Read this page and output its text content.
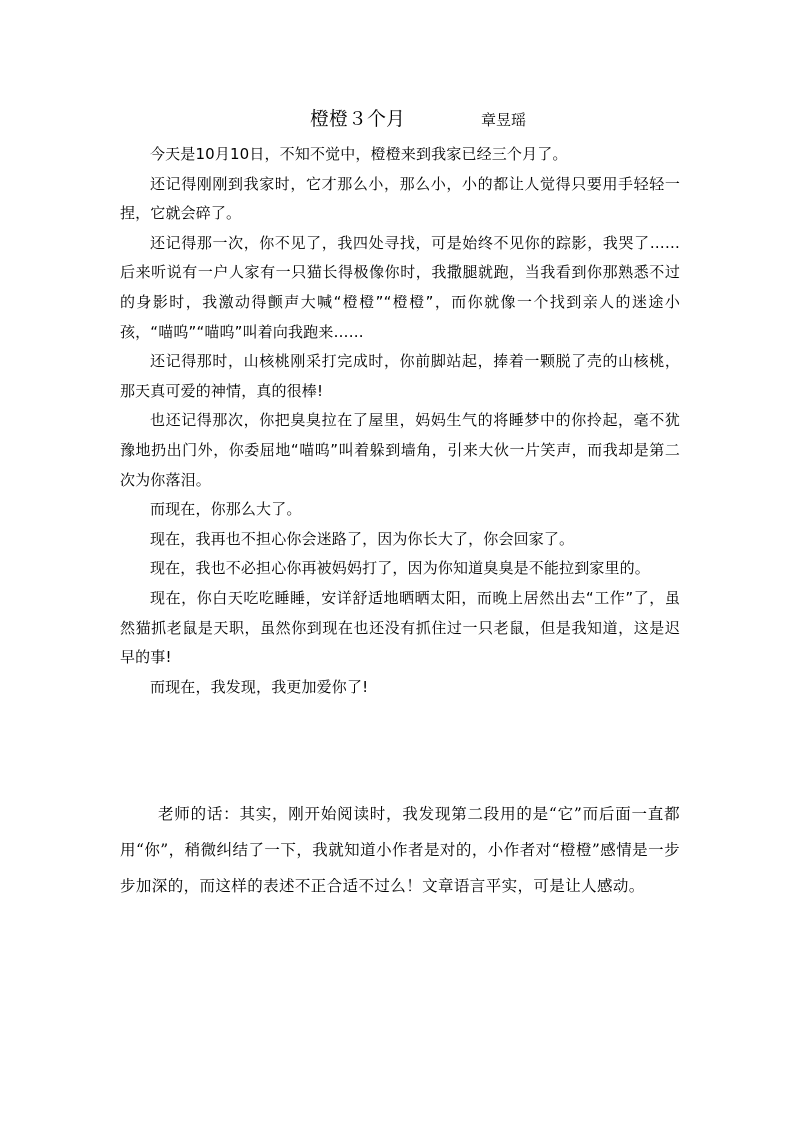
橙橙３个月	章昱瑶

今天是10月10日，不知不觉中，橙橙来到我家已经三个月了。

还记得刚刚到我家时，它才那么小，那么小，小的都让人觉得只要用手轻轻一捏，它就会碎了。

还记得那一次，你不见了，我四处寻找，可是始终不见你的踪影，我哭了……后来听说有一户人家有一只猫长得极像你时，我撒腿就跑，当我看到你那熟悉不过的身影时，我激动得颤声大喊“橙橙”“橙橙”，而你就像一个找到亲人的迷途小孩，“喵呜”“喵呜”叫着向我跑来……

还记得那时，山核桃刚采打完成时，你前脚站起，捧着一颗脱了壳的山核桃，那天真可爱的神情，真的很棒!

也还记得那次，你把臭臭拉在了屋里，妈妈生气的将睡梦中的你拎起，毫不犹豫地扔出门外，你委屈地“喵呜”叫着躲到墙角，引来大伙一片笑声，而我却是第二次为你落泪。

而现在，你那么大了。

现在，我再也不担心你会迷路了，因为你长大了，你会回家了。

现在，我也不必担心你再被妈妈打了，因为你知道臭臭是不能拉到家里的。

现在，你白天吃吃睡睡，安详舒适地晒晒太阳，而晚上居然出去“工作”了，虽然猫抓老鼠是天职，虽然你到现在也还没有抓住过一只老鼠，但是我知道，这是迟早的事!

而现在，我发现，我更加爱你了!

老师的话：其实，刚开始阅读时，我发现第二段用的是“它”而后面一直都用“你”，稍微纠结了一下，我就知道小作者是对的，小作者对“橙橙”感情是一步步加深的，而这样的表述不正合适不过么！文章语言平实，可是让人感动。
